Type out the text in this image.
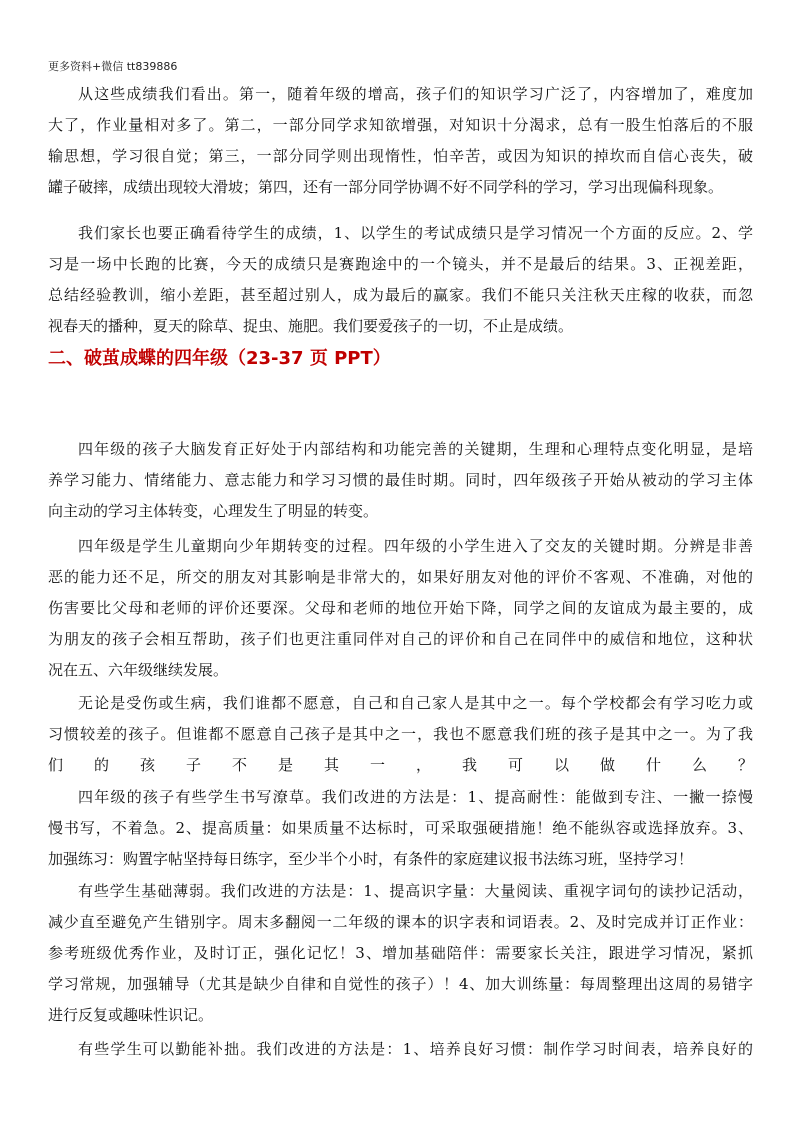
更多资料+微信 tt839886
二、破茧成蝶的四年级（23-37 页 PPT）
从这些成绩我们看出。第一，随着年级的增高，孩子们的知识学习广泛了，内容增加了，难度加
大了，作业量相对多了。第二，一部分同学求知欲增强，对知识十分渴求，总有一股生怕落后的不服
输思想，学习很自觉；第三，一部分同学则出现惰性，怕辛苦，或因为知识的掉坎而自信心丧失，破
罐子破摔，成绩出现较大滑坡；第四，还有一部分同学协调不好不同学科的学习，学习出现偏科现象。
我们家长也要正确看待学生的成绩，1、以学生的考试成绩只是学习情况一个方面的反应。2、学
习是一场中长跑的比赛，今天的成绩只是赛跑途中的一个镜头，并不是最后的结果。3、正视差距，
总结经验教训，缩小差距，甚至超过别人，成为最后的赢家。我们不能只关注秋天庄稼的收获，而忽
视春天的播种，夏天的除草、捉虫、施肥。我们要爱孩子的一切，不止是成绩。
四年级的孩子大脑发育正好处于内部结构和功能完善的关键期，生理和心理特点变化明显，是培
养学习能力、情绪能力、意志能力和学习习惯的最佳时期。同时，四年级孩子开始从被动的学习主体
向主动的学习主体转变，心理发生了明显的转变。
四年级是学生儿童期向少年期转变的过程。四年级的小学生进入了交友的关键时期。分辨是非善
恶的能力还不足，所交的朋友对其影响是非常大的，如果好朋友对他的评价不客观、不准确，对他的
伤害要比父母和老师的评价还要深。父母和老师的地位开始下降，同学之间的友谊成为最主要的，成
为朋友的孩子会相互帮助，孩子们也更注重同伴对自己的评价和自己在同伴中的威信和地位，这种状
况在五、六年级继续发展。
无论是受伤或生病，我们谁都不愿意，自己和自己家人是其中之一。每个学校都会有学习吃力或
习惯较差的孩子。但谁都不愿意自己孩子是其中之一，我也不愿意我们班的孩子是其中之一。为了我
们的孩子不是其一，我可以做什么？
四年级的孩子有些学生书写潦草。我们改进的方法是：1、提高耐性：能做到专注、一撇一捺慢
慢书写，不着急。2、提高质量：如果质量不达标时，可采取强硬措施！绝不能纵容或选择放弃。3、
加强练习：购置字帖坚持每日练字，至少半个小时，有条件的家庭建议报书法练习班，坚持学习！
有些学生基础薄弱。我们改进的方法是：1、提高识字量：大量阅读、重视字词句的读抄记活动，
减少直至避免产生错别字。周末多翻阅一二年级的课本的识字表和词语表。2、及时完成并订正作业：
参考班级优秀作业，及时订正，强化记忆！3、增加基础陪伴：需要家长关注，跟进学习情况，紧抓
学习常规，加强辅导（尤其是缺少自律和自觉性的孩子）！4、加大训练量：每周整理出这周的易错字
进行反复或趣味性识记。
有些学生可以勤能补拙。我们改进的方法是：1、培养良好习惯：制作学习时间表，培养良好的
